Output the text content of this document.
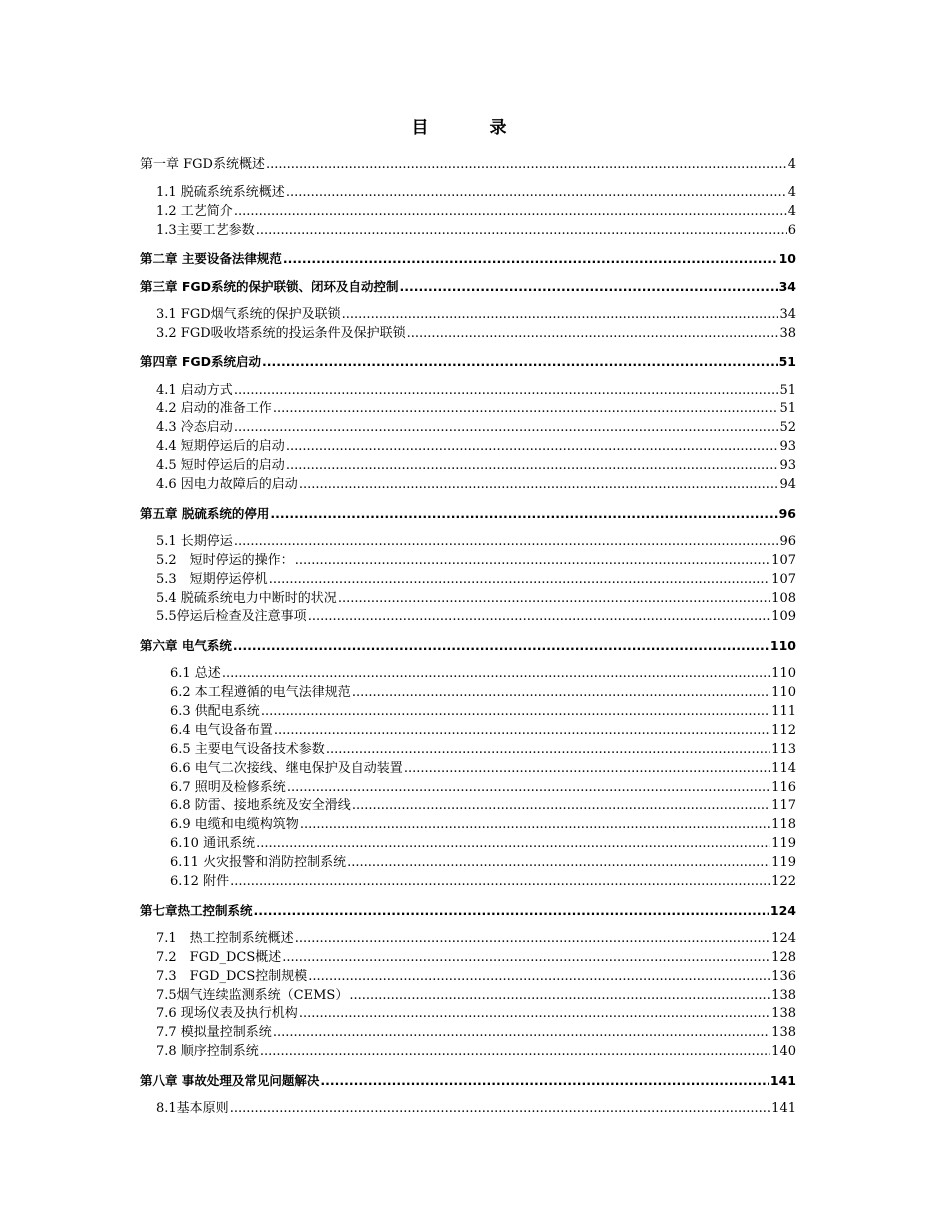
目　录
第一章 FGD系统概述 .....	4
1.1 脱硫系统系统概述 .....	4
1.2 工艺简介 .....	4
1.3主要工艺参数 .....	6
第二章 主要设备法律规范 .....	10
第三章 FGD系统的保护联锁、闭环及自动控制 .....	34
3.1 FGD烟气系统的保护及联锁 .....	34
3.2 FGD吸收塔系统的投运条件及保护联锁 .....	38
第四章 FGD系统启动 .....	51
4.1 启动方式 .....	51
4.2 启动的准备工作 .....	51
4.3 冷态启动 .....	52
4.4 短期停运后的启动 .....	93
4.5 短时停运后的启动 .....	93
4.6 因电力故障后的启动 .....	94
第五章 脱硫系统的停用 .....	96
5.1 长期停运 .....	96
5.2　短时停运的操作： .....	107
5.3　短期停运停机 .....	107
5.4 脱硫系统电力中断时的状况 .....	108
5.5停运后检查及注意事项 .....	109
第六章 电气系统 .....	110
6.1 总述 .....	110
6.2 本工程遵循的电气法律规范 .....	110
6.3 供配电系统 .....	111
6.4 电气设备布置 .....	112
6.5 主要电气设备技术参数 .....	113
6.6 电气二次接线、继电保护及自动装置 .....	114
6.7 照明及检修系统 .....	116
6.8 防雷、接地系统及安全滑线 .....	117
6.9 电缆和电缆构筑物 .....	118
6.10 通讯系统 .....	119
6.11 火灾报警和消防控制系统 .....	119
6.12 附件 .....	122
第七章热工控制系统 .....	124
7.1　热工控制系统概述 .....	124
7.2　FGD_DCS概述 .....	128
7.3　FGD_DCS控制规模 .....	136
7.5烟气连续监测系统（CEMS） .....	138
7.6 现场仪表及执行机构 .....	138
7.7 模拟量控制系统 .....	138
7.8 顺序控制系统 .....	140
第八章 事故处理及常见问题解决 .....	141
8.1基本原则 .....	141
